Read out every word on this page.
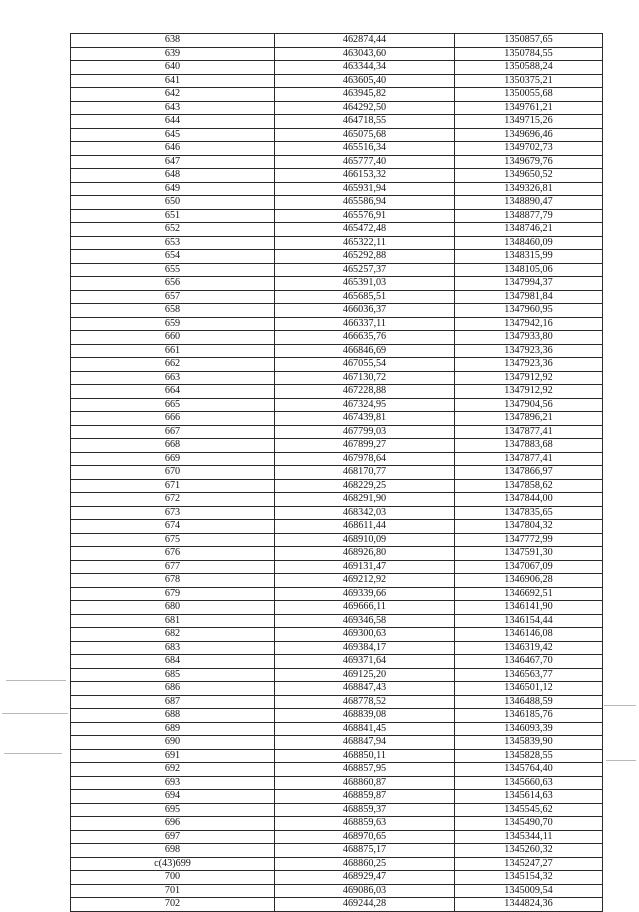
638	462874,44	1350857,65
639	463043,60	1350784,55
640	463344,34	1350588,24
641	463605,40	1350375,21
642	463945,82	1350055,68
643	464292,50	1349761,21
644	464718,55	1349715,26
645	465075,68	1349696,46
646	465516,34	1349702,73
647	465777,40	1349679,76
648	466153,32	1349650,52
649	465931,94	1349326,81
650	465586,94	1348890,47
651	465576,91	1348877,79
652	465472,48	1348746,21
653	465322,11	1348460,09
654	465292,88	1348315,99
655	465257,37	1348105,06
656	465391,03	1347994,37
657	465685,51	1347981,84
658	466036,37	1347960,95
659	466337,11	1347942,16
660	466635,76	1347933,80
661	466846,69	1347923,36
662	467055,54	1347923,36
663	467130,72	1347912,92
664	467228,88	1347912,92
665	467324,95	1347904,56
666	467439,81	1347896,21
667	467799,03	1347877,41
668	467899,27	1347883,68
669	467978,64	1347877,41
670	468170,77	1347866,97
671	468229,25	1347858,62
672	468291,90	1347844,00
673	468342,03	1347835,65
674	468611,44	1347804,32
675	468910,09	1347772,99
676	468926,80	1347591,30
677	469131,47	1347067,09
678	469212,92	1346906,28
679	469339,66	1346692,51
680	469666,11	1346141,90
681	469346,58	1346154,44
682	469300,63	1346146,08
683	469384,17	1346319,42
684	469371,64	1346467,70
685	469125,20	1346563,77
686	468847,43	1346501,12
687	468778,52	1346488,59
688	468839,08	1346185,76
689	468841,45	1346093,39
690	468847,94	1345839,90
691	468850,11	1345828,55
692	468857,95	1345764,40
693	468860,87	1345660,63
694	468859,87	1345614,63
695	468859,37	1345545,62
696	468859,63	1345490,70
697	468970,65	1345344,11
698	468875,17	1345260,32
c(43)699	468860,25	1345247,27
700	468929,47	1345154,32
701	469086,03	1345009,54
702	469244,28	1344824,36
